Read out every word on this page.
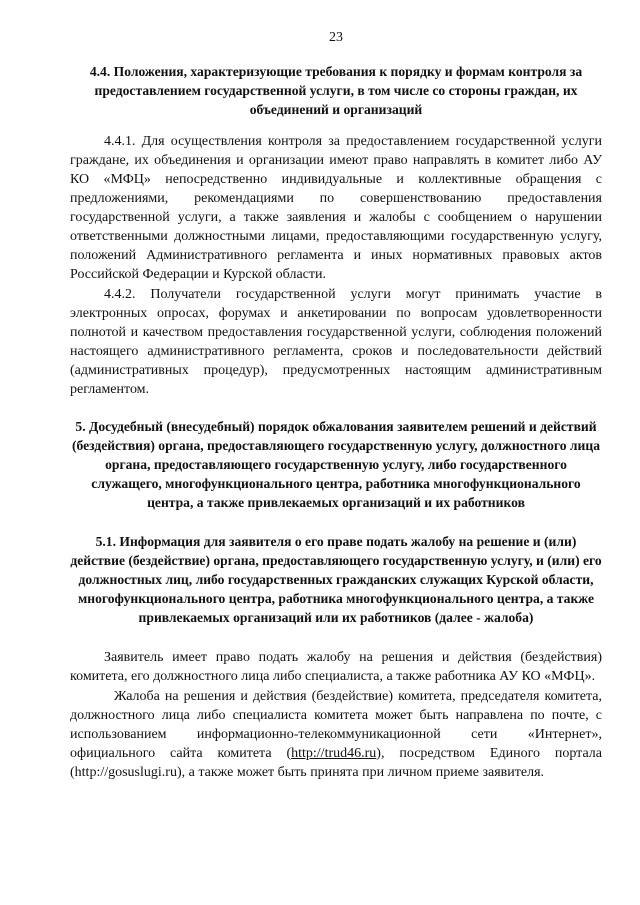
23

4.4. Положения, характеризующие требования к порядку и формам контроля за предоставлением государственной услуги, в том числе со стороны граждан, их объединений и организаций

4.4.1. Для осуществления контроля за предоставлением государственной услуги граждане, их объединения и организации имеют право направлять в комитет либо АУ КО «МФЦ» непосредственно индивидуальные и коллективные обращения с предложениями, рекомендациями по совершенствованию предоставления государственной услуги, а также заявления и жалобы с сообщением о нарушении ответственными должностными лицами, предоставляющими государственную услугу, положений Административного регламента и иных нормативных правовых актов Российской Федерации и Курской области.

4.4.2. Получатели государственной услуги могут принимать участие в электронных опросах, форумах и анкетировании по вопросам удовлетворенности полнотой и качеством предоставления государственной услуги, соблюдения положений настоящего административного регламента, сроков и последовательности действий (административных процедур), предусмотренных настоящим административным регламентом.

5. Досудебный (внесудебный) порядок обжалования заявителем решений и действий (бездействия) органа, предоставляющего государственную услугу, должностного лица органа, предоставляющего государственную услугу, либо государственного служащего, многофункционального центра, работника многофункционального центра, а также привлекаемых организаций и их работников

5.1. Информация для заявителя о его праве подать жалобу на решение и (или) действие (бездействие) органа, предоставляющего государственную услугу, и (или) его должностных лиц, либо государственных гражданских служащих Курской области, многофункционального центра, работника многофункционального центра, а также привлекаемых организаций или их работников (далее - жалоба)

Заявитель имеет право подать жалобу на решения и действия (бездействия) комитета, его должностного лица либо специалиста, а также работника АУ КО «МФЦ».

Жалоба на решения и действия (бездействие) комитета, председателя комитета, должностного лица либо специалиста комитета может быть направлена по почте, с использованием информационно-телекоммуникационной сети «Интернет», официального сайта комитета (http://trud46.ru), посредством Единого портала (http://gosuslugi.ru), а также может быть принята при личном приеме заявителя.
